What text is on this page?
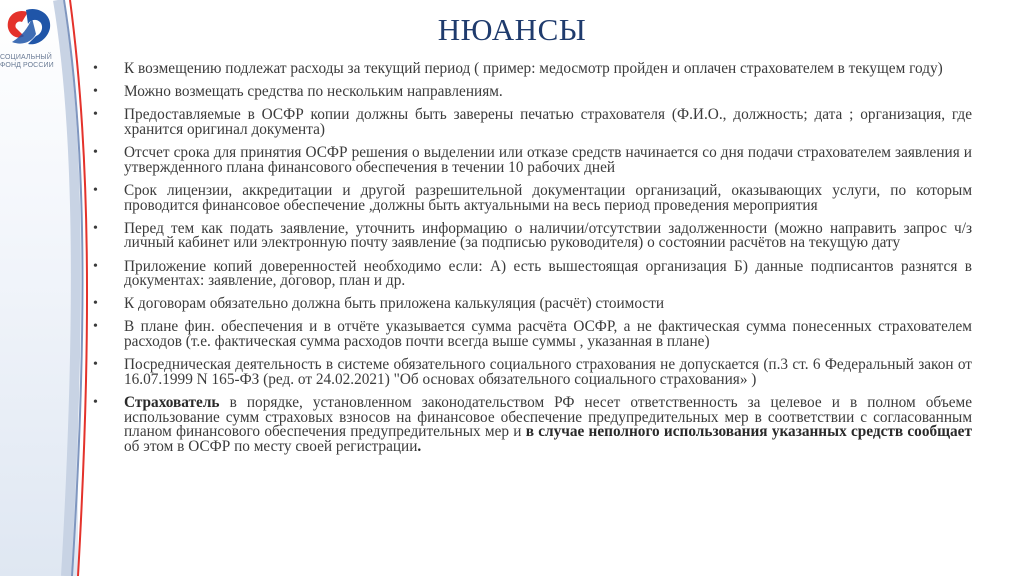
СОЦИАЛЬНЫЙ
ФОНД РОССИИ
НЮАНСЫ
• К возмещению подлежат расходы за текущий период ( пример: медосмотр пройден и оплачен страхователем в текущем году)
• Можно возмещать средства по нескольким направлениям.
• Предоставляемые в ОСФР копии должны быть заверены печатью страхователя (Ф.И.О., должность; дата ; организация, где хранится оригинал документа)
• Отсчет срока для принятия ОСФР решения о выделении или отказе средств начинается со дня подачи страхователем заявления и утвержденного плана финансового обеспечения в течении 10 рабочих дней
• Срок лицензии, аккредитации и другой разрешительной документации организаций, оказывающих услуги, по которым проводится финансовое обеспечение ,должны быть актуальными на весь период проведения мероприятия
• Перед тем как подать заявление, уточнить информацию о наличии/отсутствии задолженности (можно направить запрос ч/з личный кабинет или электронную почту заявление (за подписью руководителя) о состоянии расчётов на текущую дату
• Приложение копий доверенностей необходимо если: А) есть вышестоящая организация Б) данные подписантов разнятся в документах: заявление, договор, план и др.
• К договорам обязательно должна быть приложена калькуляция (расчёт) стоимости
• В плане фин. обеспечения и в отчёте указывается сумма расчёта ОСФР, а не фактическая сумма понесенных страхователем расходов (т.е. фактическая сумма расходов почти всегда выше суммы , указанная в плане)
• Посредническая деятельность в системе обязательного социального страхования не допускается (п.3 ст. 6 Федеральный закон от 16.07.1999 N 165-ФЗ (ред. от 24.02.2021) "Об основах обязательного социального страхования» )
• Страхователь в порядке, установленном законодательством РФ несет ответственность за целевое и в полном объеме использование сумм страховых взносов на финансовое обеспечение предупредительных мер в соответствии с согласованным планом финансового обеспечения предупредительных мер и в случае неполного использования указанных средств сообщает об этом в ОСФР по месту своей регистрации.
